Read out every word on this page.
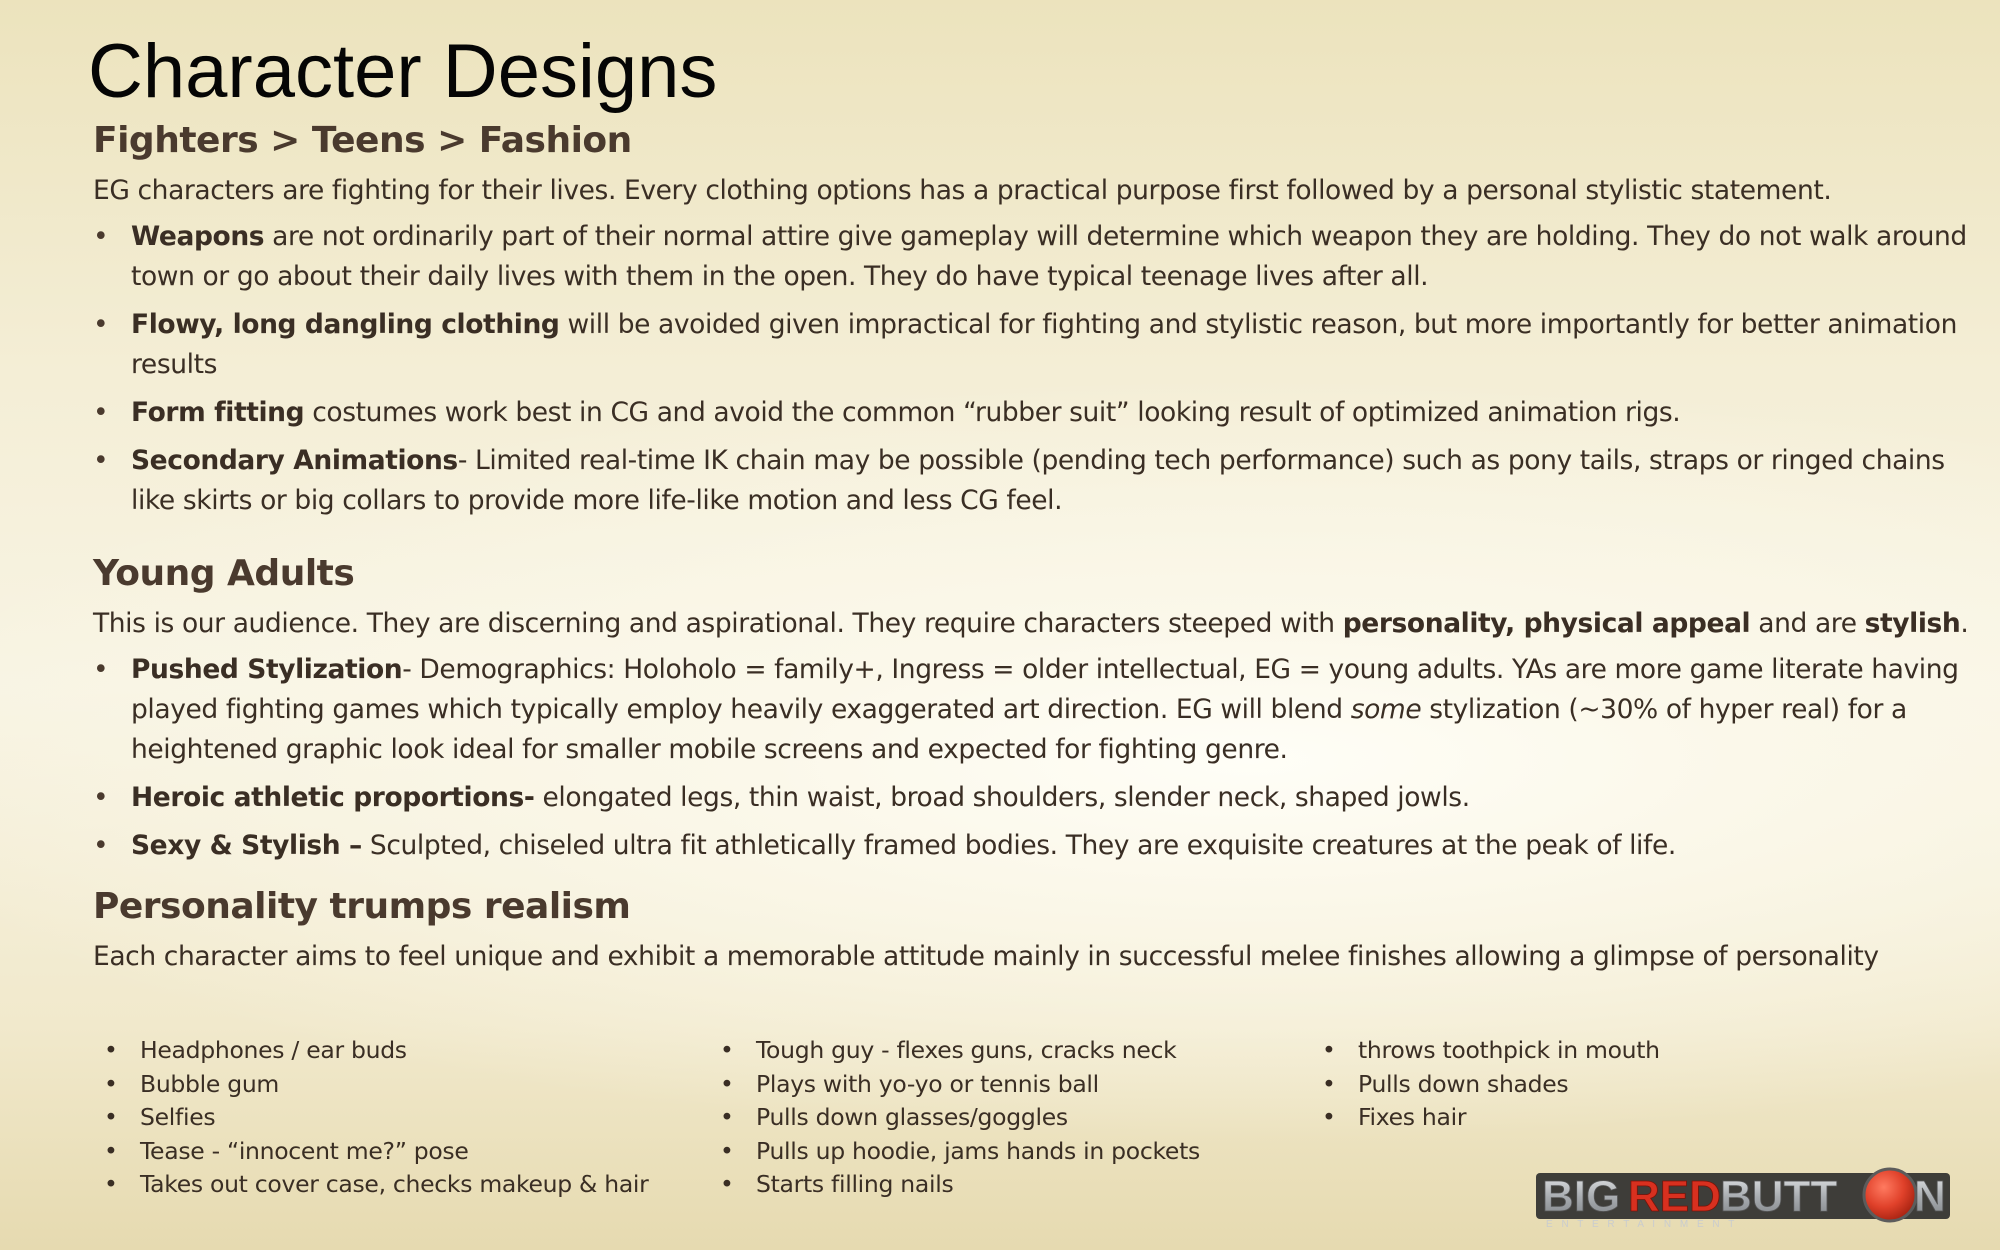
Character Designs
Fighters > Teens > Fashion

EG characters are fighting for their lives. Every clothing options has a practical purpose first followed by a personal stylistic statement.

• Weapons are not ordinarily part of their normal attire give gameplay will determine which weapon they are holding. They do not walk around town or go about their daily lives with them in the open. They do have typical teenage lives after all.
• Flowy, long dangling clothing will be avoided given impractical for fighting and stylistic reason, but more importantly for better animation results
• Form fitting costumes work best in CG and avoid the common “rubber suit” looking result of optimized animation rigs.
• Secondary Animations- Limited real-time IK chain may be possible (pending tech performance) such as pony tails, straps or ringed chains like skirts or big collars to provide more life-like motion and less CG feel.
Young Adults

This is our audience. They are discerning and aspirational. They require characters steeped with personality, physical appeal and are stylish.

• Pushed Stylization- Demographics: Holoholo = family+, Ingress = older intellectual, EG = young adults. YAs are more game literate having played fighting games which typically employ heavily exaggerated art direction. EG will blend some stylization (~30% of hyper real) for a heightened graphic look ideal for smaller mobile screens and expected for fighting genre.
• Heroic athletic proportions- elongated legs, thin waist, broad shoulders, slender neck, shaped jowls.
• Sexy & Stylish – Sculpted, chiseled ultra fit athletically framed bodies. They are exquisite creatures at the peak of life.
Personality trumps realism

Each character aims to feel unique and exhibit a memorable attitude mainly in successful melee finishes allowing a glimpse of personality

• Headphones / ear buds
• Bubble gum
• Selfies
• Tease - “innocent me?” pose
• Takes out cover case, checks makeup & hair
• Tough guy - flexes guns, cracks neck
• Plays with yo-yo or tennis ball
• Pulls down glasses/goggles
• Pulls up hoodie, jams hands in pockets
• Starts filling nails
• throws toothpick in mouth
• Pulls down shades
• Fixes hair
BIG RED BUTT N
E N T E R T A I N M E N T
